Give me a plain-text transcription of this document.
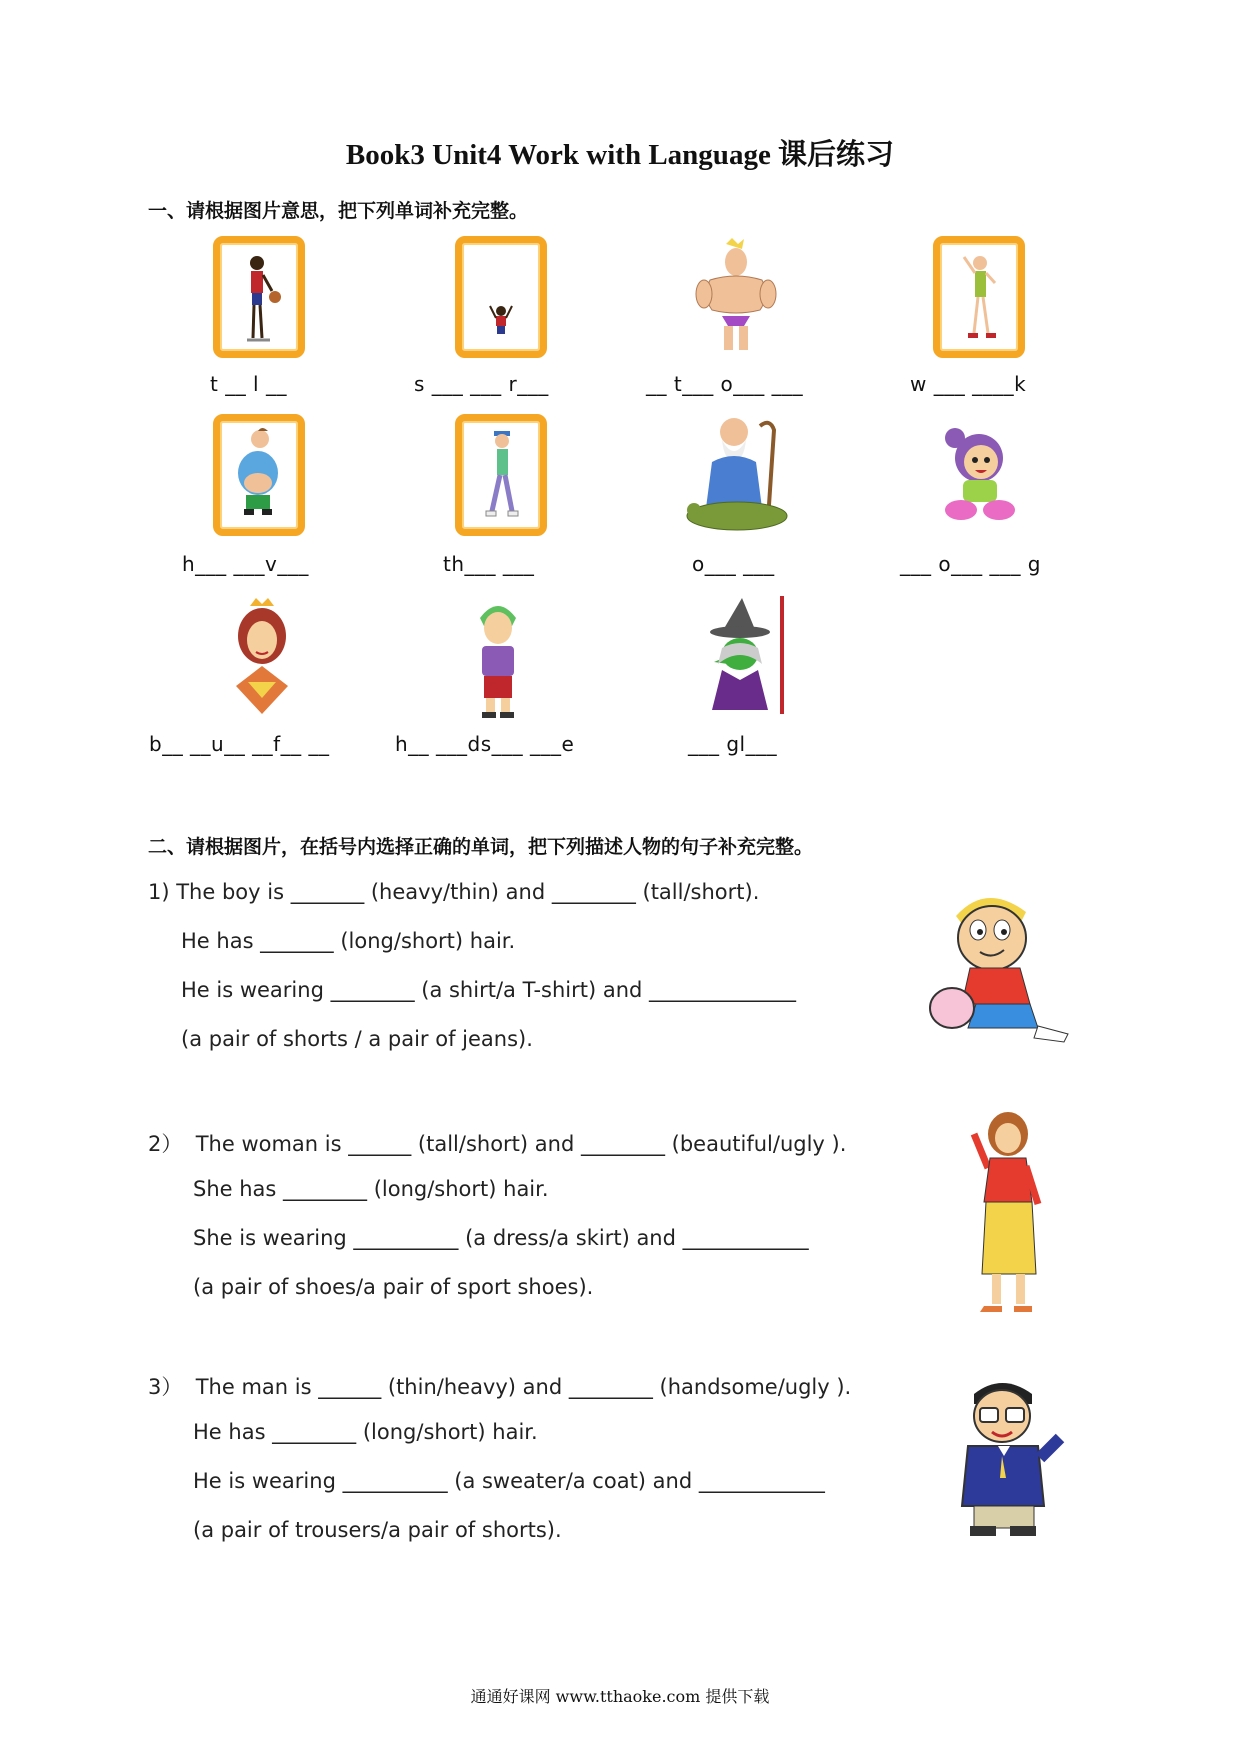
Book3 Unit4 Work with Language 课后练习
一、请根据图片意思，把下列单词补充完整。
t __ l __	s ___ ___ r___	__ t___ o___ ___	w ___ ____k
h___ ___v___	th___ ___	o___ ___	___ o___ ___ g
b__ __u__ __f__ __	h__ ___ds___ ___e	___ gl___
二、请根据图片，在括号内选择正确的单词，把下列描述人物的句子补充完整。
1) The boy is _______ (heavy/thin) and ________ (tall/short).
He has _______ (long/short) hair.
He is wearing ________ (a shirt/a T-shirt) and ______________
(a pair of shorts / a pair of jeans).
2）  The woman is ______ (tall/short) and ________ (beautiful/ugly ).
She has ________ (long/short) hair.
She is wearing __________ (a dress/a skirt) and ____________
(a pair of shoes/a pair of sport shoes).
3）  The man is ______ (thin/heavy) and ________ (handsome/ugly ).
He has ________ (long/short) hair.
He is wearing __________ (a sweater/a coat) and ____________
(a pair of trousers/a pair of shorts).
通通好课网 www.tthaoke.com 提供下载
